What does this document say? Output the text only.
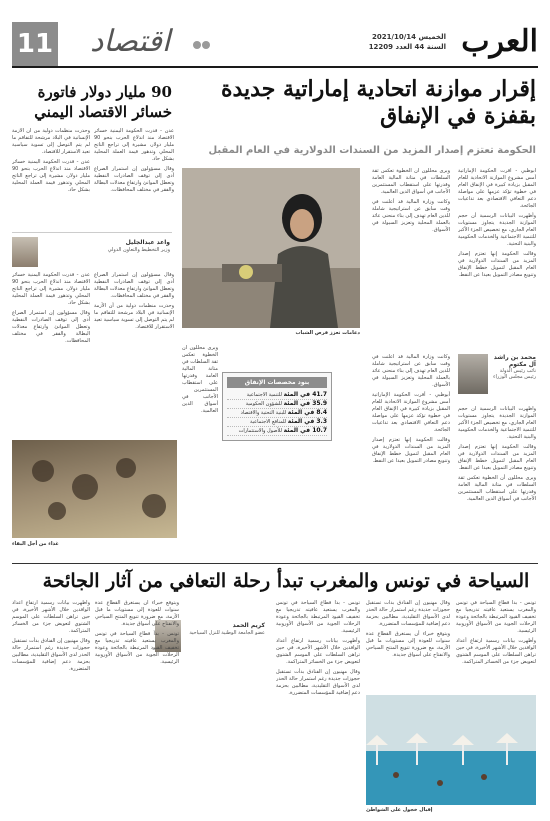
العرب
الخميس 2021/10/14
السنة 44 العدد 12209
اقتصاد
11
إقرار موازنة اتحادية إماراتية جديدة بقفزة في الإنفاق
الحكومة تعتزم إصدار المزيد من السندات الدولارية في العام المقبل

أبوظبي - أقرت الحكومة الإماراتية أمس مشروع الموازنة الاتحادية للعام المقبل بزيادة كبيرة في الإنفاق العام في خطوة تؤكد عزمها على مواصلة دعم التعافي الاقتصادي بعد تداعيات الجائحة.

وأظهرت البيانات الرسمية أن حجم الموازنة الجديدة يتجاوز مستويات العام الجاري، مع تخصيص الجزء الأكبر للتنمية الاجتماعية والخدمات الحكومية والبنية التحتية.

وقالت الحكومة إنها تعتزم إصدار المزيد من السندات الدولارية في العام المقبل لتمويل خطط الإنفاق وتنويع مصادر التمويل بعيدا عن النفط.

دعامات تعزز فرص الشباب

ويرى محللون أن الخطوة تعكس ثقة السلطات في متانة المالية العامة وقدرتها على استقطاب المستثمرين الأجانب في أسواق الدين العالمية.

وكانت وزارة المالية قد أعلنت في وقت سابق عن استراتيجية شاملة للدين العام تهدف إلى بناء منحنى عائد بالعملة المحلية وتعزيز السيولة في الأسواق.

محمد بن راشد آل مكتوم
نائب رئيس الدولة رئيس مجلس الوزراء

وأظهرت البيانات الرسمية أن حجم الموازنة الجديدة يتجاوز مستويات العام الجاري، مع تخصيص الجزء الأكبر للتنمية الاجتماعية والخدمات الحكومية والبنية التحتية.

وقالت الحكومة إنها تعتزم إصدار المزيد من السندات الدولارية في العام المقبل لتمويل خطط الإنفاق وتنويع مصادر التمويل بعيدا عن النفط.

ويرى محللون أن الخطوة تعكس ثقة السلطات في متانة المالية العامة وقدرتها على استقطاب المستثمرين الأجانب في أسواق الدين العالمية.

وكانت وزارة المالية قد أعلنت في وقت سابق عن استراتيجية شاملة للدين العام تهدف إلى بناء منحنى عائد بالعملة المحلية وتعزيز السيولة في الأسواق.

أبوظبي - أقرت الحكومة الإماراتية أمس مشروع الموازنة الاتحادية للعام المقبل بزيادة كبيرة في الإنفاق العام في خطوة تؤكد عزمها على مواصلة دعم التعافي الاقتصادي بعد تداعيات الجائحة.

وقالت الحكومة إنها تعتزم إصدار المزيد من السندات الدولارية في العام المقبل لتمويل خطط الإنفاق وتنويع مصادر التمويل بعيدا عن النفط.

بنود مخصصات الإنفاق
41.7 في المئة للتنمية الاجتماعية
35.9 في المئة للشؤون الحكومية
8.4 في المئة للبنية التحتية والاقتصاد
3.3 في المئة للمنافع الاجتماعية
10.7 في المئة للأصول والاستثمارات

ويرى محللون أن الخطوة تعكس ثقة السلطات في متانة المالية العامة وقدرتها على استقطاب المستثمرين الأجانب في أسواق الدين العالمية.

90 مليار دولار فاتورة خسائر الاقتصاد اليمني

عدن - قدرت الحكومة اليمنية خسائر الاقتصاد منذ اندلاع الحرب بنحو 90 مليار دولار، مشيرة إلى تراجع الناتج المحلي وتدهور قيمة العملة المحلية بشكل حاد.

وقال مسؤولون إن استمرار الصراع أدى إلى توقف الصادرات النفطية وتعطل الموانئ وارتفاع معدلات البطالة والفقر في مختلف المحافظات.

وحذرت منظمات دولية من أن الأزمة الإنسانية في البلاد مرشحة للتفاقم ما لم يتم التوصل إلى تسوية سياسية تعيد الاستقرار للاقتصاد.

عدن - قدرت الحكومة اليمنية خسائر الاقتصاد منذ اندلاع الحرب بنحو 90 مليار دولار، مشيرة إلى تراجع الناتج المحلي وتدهور قيمة العملة المحلية بشكل حاد.

واعد عبدالجليل
وزير التخطيط والتعاون الدولي

وقال مسؤولون إن استمرار الصراع أدى إلى توقف الصادرات النفطية وتعطل الموانئ وارتفاع معدلات البطالة والفقر في مختلف المحافظات.

وحذرت منظمات دولية من أن الأزمة الإنسانية في البلاد مرشحة للتفاقم ما لم يتم التوصل إلى تسوية سياسية تعيد الاستقرار للاقتصاد.

عدن - قدرت الحكومة اليمنية خسائر الاقتصاد منذ اندلاع الحرب بنحو 90 مليار دولار، مشيرة إلى تراجع الناتج المحلي وتدهور قيمة العملة المحلية بشكل حاد.

وقال مسؤولون إن استمرار الصراع أدى إلى توقف الصادرات النفطية وتعطل الموانئ وارتفاع معدلات البطالة والفقر في مختلف المحافظات.

غذاء من أجل البقاء
السياحة في تونس والمغرب تبدأ رحلة التعافي من آثار الجائحة

تونس - بدأ قطاع السياحة في تونس والمغرب يستعيد عافيته تدريجيا مع تخفيف القيود المرتبطة بالجائحة وعودة الرحلات الجوية من الأسواق الأوروبية الرئيسية.

وأظهرت بيانات رسمية ارتفاع أعداد الوافدين خلال الأشهر الأخيرة، في حين تراهن السلطات على الموسم الشتوي لتعويض جزء من الخسائر المتراكمة.

وقال مهنيون إن الفنادق بدأت تستقبل حجوزات جديدة رغم استمرار حالة الحذر لدى الأسواق التقليدية، مطالبين بحزمة دعم إضافية للمؤسسات المتضررة.

ويتوقع خبراء أن يستغرق القطاع عدة سنوات للعودة إلى مستويات ما قبل الأزمة، مع ضرورة تنويع المنتج السياحي والانفتاح على أسواق جديدة.

تونس - بدأ قطاع السياحة في تونس والمغرب يستعيد عافيته تدريجيا مع تخفيف القيود المرتبطة بالجائحة وعودة الرحلات الجوية من الأسواق الأوروبية الرئيسية.

وأظهرت بيانات رسمية ارتفاع أعداد الوافدين خلال الأشهر الأخيرة، في حين تراهن السلطات على الموسم الشتوي لتعويض جزء من الخسائر المتراكمة.

وقال مهنيون إن الفنادق بدأت تستقبل حجوزات جديدة رغم استمرار حالة الحذر لدى الأسواق التقليدية، مطالبين بحزمة دعم إضافية للمؤسسات المتضررة.

كريم الحمد
عضو الجامعة الوطنية للنزل السياحية

ويتوقع خبراء أن يستغرق القطاع عدة سنوات للعودة إلى مستويات ما قبل الأزمة، مع ضرورة تنويع المنتج السياحي والانفتاح على أسواق جديدة.

تونس - بدأ قطاع السياحة في تونس والمغرب يستعيد عافيته تدريجيا مع تخفيف القيود المرتبطة بالجائحة وعودة الرحلات الجوية من الأسواق الأوروبية الرئيسية.

وأظهرت بيانات رسمية ارتفاع أعداد الوافدين خلال الأشهر الأخيرة، في حين تراهن السلطات على الموسم الشتوي لتعويض جزء من الخسائر المتراكمة.

وقال مهنيون إن الفنادق بدأت تستقبل حجوزات جديدة رغم استمرار حالة الحذر لدى الأسواق التقليدية، مطالبين بحزمة دعم إضافية للمؤسسات المتضررة.

إقبال خجول على الشواطئ
